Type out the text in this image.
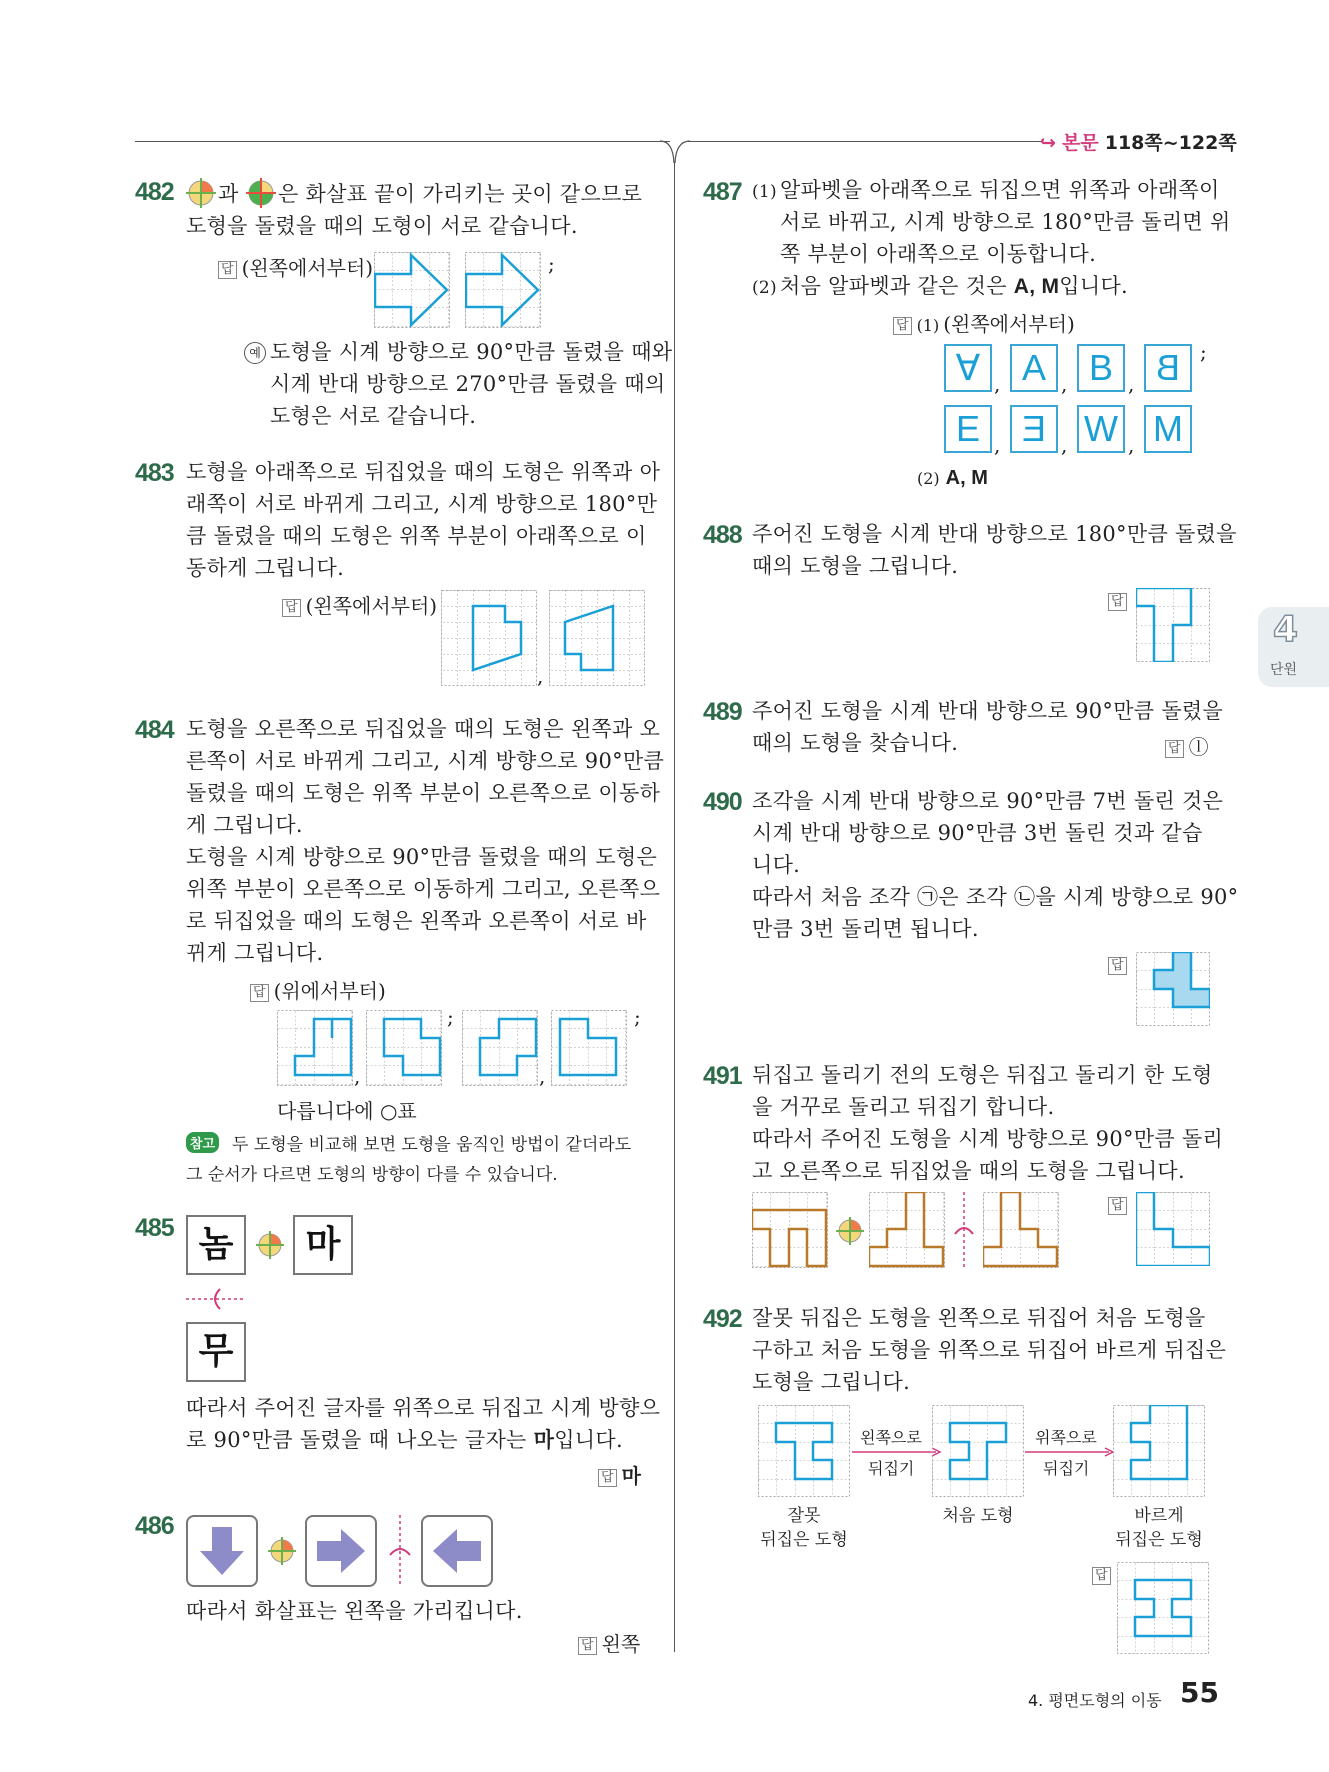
↪ 본문 118쪽~122쪽
4
단원
482 과 은 화살표 끝이 가리키는 곳이 같으므로
도형을 돌렸을 때의 도형이 서로 같습니다.
답 (왼쪽에서부터)	;
예 도형을 시계 방향으로 90°만큼 돌렸을 때와
시계 반대 방향으로 270°만큼 돌렸을 때의
도형은 서로 같습니다.
483 도형을 아래쪽으로 뒤집었을 때의 도형은 위쪽과 아
래쪽이 서로 바뀌게 그리고, 시계 방향으로 180°만
큼 돌렸을 때의 도형은 위쪽 부분이 아래쪽으로 이
동하게 그립니다.
답 (왼쪽에서부터)
,
484 도형을 오른쪽으로 뒤집었을 때의 도형은 왼쪽과 오
른쪽이 서로 바뀌게 그리고, 시계 방향으로 90°만큼
돌렸을 때의 도형은 위쪽 부분이 오른쪽으로 이동하
게 그립니다.
도형을 시계 방향으로 90°만큼 돌렸을 때의 도형은
위쪽 부분이 오른쪽으로 이동하게 그리고, 오른쪽으
로 뒤집었을 때의 도형은 왼쪽과 오른쪽이 서로 바
뀌게 그립니다.
답 (위에서부터)
,
;
,
;
다릅니다에 ○표
참고 두 도형을 비교해 보면 도형을 움직인 방법이 같더라도
그 순서가 다르면 도형의 방향이 다를 수 있습니다.
485 놈	마
무
따라서 주어진 글자를 위쪽으로 뒤집고 시계 방향으
로 90°만큼 돌렸을 때 나오는 글자는 마입니다.
답 마
486
따라서 화살표는 왼쪽을 가리킵니다.
답 왼쪽
487 (1) 알파벳을 아래쪽으로 뒤집으면 위쪽과 아래쪽이
서로 바뀌고, 시계 방향으로 180°만큼 돌리면 위
쪽 부분이 아래쪽으로 이동합니다.
(2) 처음 알파벳과 같은 것은 A, M입니다.
답 (1) (왼쪽에서부터)
∀	A	B	B ;
,	,	,
E	Ǝ	W M
,	,	,
(2) A, M
488 주어진 도형을 시계 반대 방향으로 180°만큼 돌렸을
때의 도형을 그립니다.
답
489 주어진 도형을 시계 반대 방향으로 90°만큼 돌렸을
때의 도형을 찾습니다.	답 ⓛ
490 조각을 시계 반대 방향으로 90°만큼 7번 돌린 것은
시계 반대 방향으로 90°만큼 3번 돌린 것과 같습
니다.
따라서 처음 조각 ㉠은 조각 ㉡을 시계 방향으로 90°
만큼 3번 돌리면 됩니다.
답
491 뒤집고 돌리기 전의 도형은 뒤집고 돌리기 한 도형
을 거꾸로 돌리고 뒤집기 합니다.
따라서 주어진 도형을 시계 방향으로 90°만큼 돌리
고 오른쪽으로 뒤집었을 때의 도형을 그립니다.
답
492 잘못 뒤집은 도형을 왼쪽으로 뒤집어 처음 도형을
구하고 처음 도형을 위쪽으로 뒤집어 바르게 뒤집은
도형을 그립니다.
왼쪽으로
뒤집기
위쪽으로
뒤집기
잘못
뒤집은 도형
처음 도형	바르게
뒤집은 도형
답
4. 평면도형의 이동 55
